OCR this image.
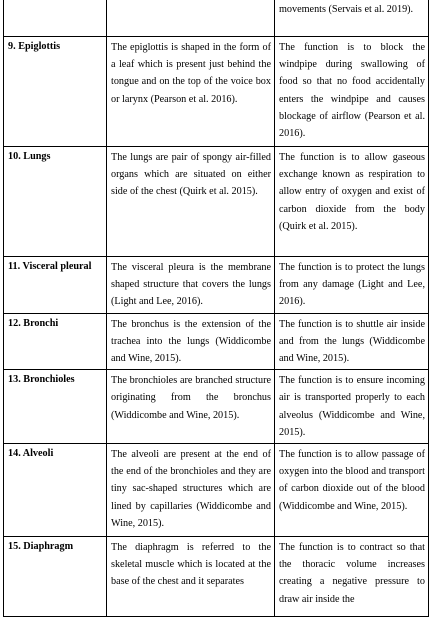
		movements (Servais et al. 2019).
9. Epiglottis	The epiglottis is shaped in the form of a leaf which is present just behind the tongue and on the top of the voice box or larynx (Pearson et al. 2016).	The function is to block the windpipe during swallowing of food so that no food accidentally enters the windpipe and causes blockage of airflow (Pearson et al. 2016).
10. Lungs	The lungs are pair of spongy air-filled organs which are situated on either side of the chest (Quirk et al. 2015).	The function is to allow gaseous exchange known as respiration to allow entry of oxygen and exist of carbon dioxide from the body (Quirk et al. 2015).
11. Visceral pleural	The visceral pleura is the membrane shaped structure that covers the lungs (Light and Lee, 2016).	The function is to protect the lungs from any damage (Light and Lee, 2016).
12. Bronchi	The bronchus is the extension of the trachea into the lungs (Widdicombe and Wine, 2015).	The function is to shuttle air inside and from the lungs (Widdicombe and Wine, 2015).
13. Bronchioles	The bronchioles are branched structure originating from the bronchus (Widdicombe and Wine, 2015).	The function is to ensure incoming air is transported properly to each alveolus (Widdicombe and Wine, 2015).
14. Alveoli	The alveoli are present at the end of the end of the bronchioles and they are tiny sac-shaped structures which are lined by capillaries (Widdicombe and Wine, 2015).	The function is to allow passage of oxygen into the blood and transport of carbon dioxide out of the blood (Widdicombe and Wine, 2015).
15. Diaphragm	The diaphragm is referred to the skeletal muscle which is located at the base of the chest and it separates	The function is to contract so that the thoracic volume increases creating a negative pressure to draw air inside the
